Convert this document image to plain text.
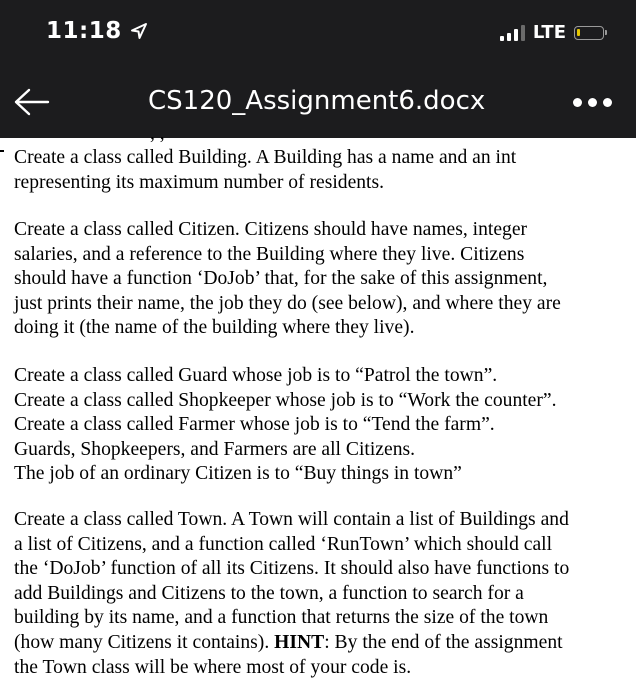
11:18	LTE
CS120_Assignment6.docx
, ,

Create a class called Building. A Building has a name and an int
representing its maximum number of residents.

Create a class called Citizen. Citizens should have names, integer
salaries, and a reference to the Building where they live. Citizens
should have a function ‘DoJob’ that, for the sake of this assignment,
just prints their name, the job they do (see below), and where they are
doing it (the name of the building where they live).

Create a class called Guard whose job is to “Patrol the town”.
Create a class called Shopkeeper whose job is to “Work the counter”.
Create a class called Farmer whose job is to “Tend the farm”.
Guards, Shopkeepers, and Farmers are all Citizens.
The job of an ordinary Citizen is to “Buy things in town”

Create a class called Town. A Town will contain a list of Buildings and
a list of Citizens, and a function called ‘RunTown’ which should call
the ‘DoJob’ function of all its Citizens. It should also have functions to
add Buildings and Citizens to the town, a function to search for a
building by its name, and a function that returns the size of the town
(how many Citizens it contains). HINT: By the end of the assignment
the Town class will be where most of your code is.
